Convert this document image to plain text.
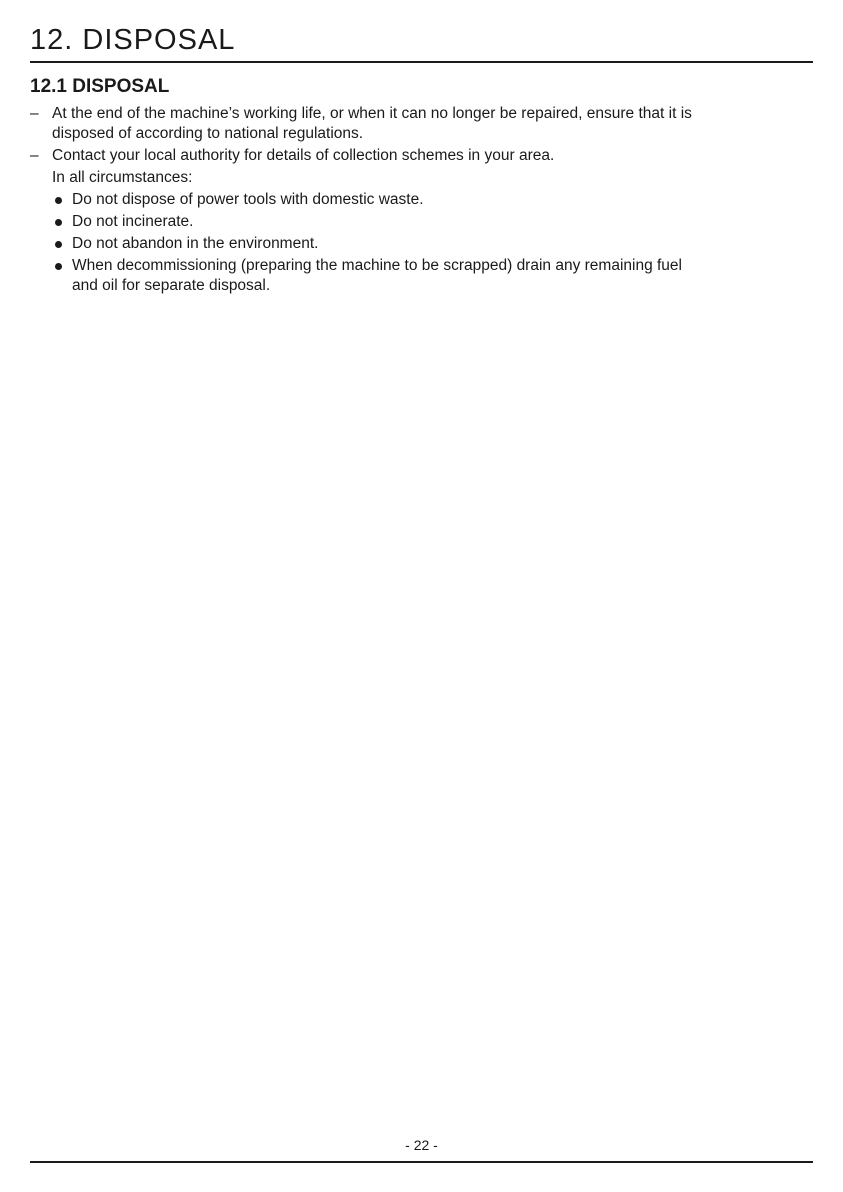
12. DISPOSAL
12.1 DISPOSAL
– At the end of the machine’s working life, or when it can no longer be repaired, ensure that it is
disposed of according to national regulations.
– Contact your local authority for details of collection schemes in your area.

In all circumstances:

Do not dispose of power tools with domestic waste.
Do not incinerate.
Do not abandon in the environment.
When decommissioning (preparing the machine to be scrapped) drain any remaining fuel
and oil for separate disposal.
- 22 -
